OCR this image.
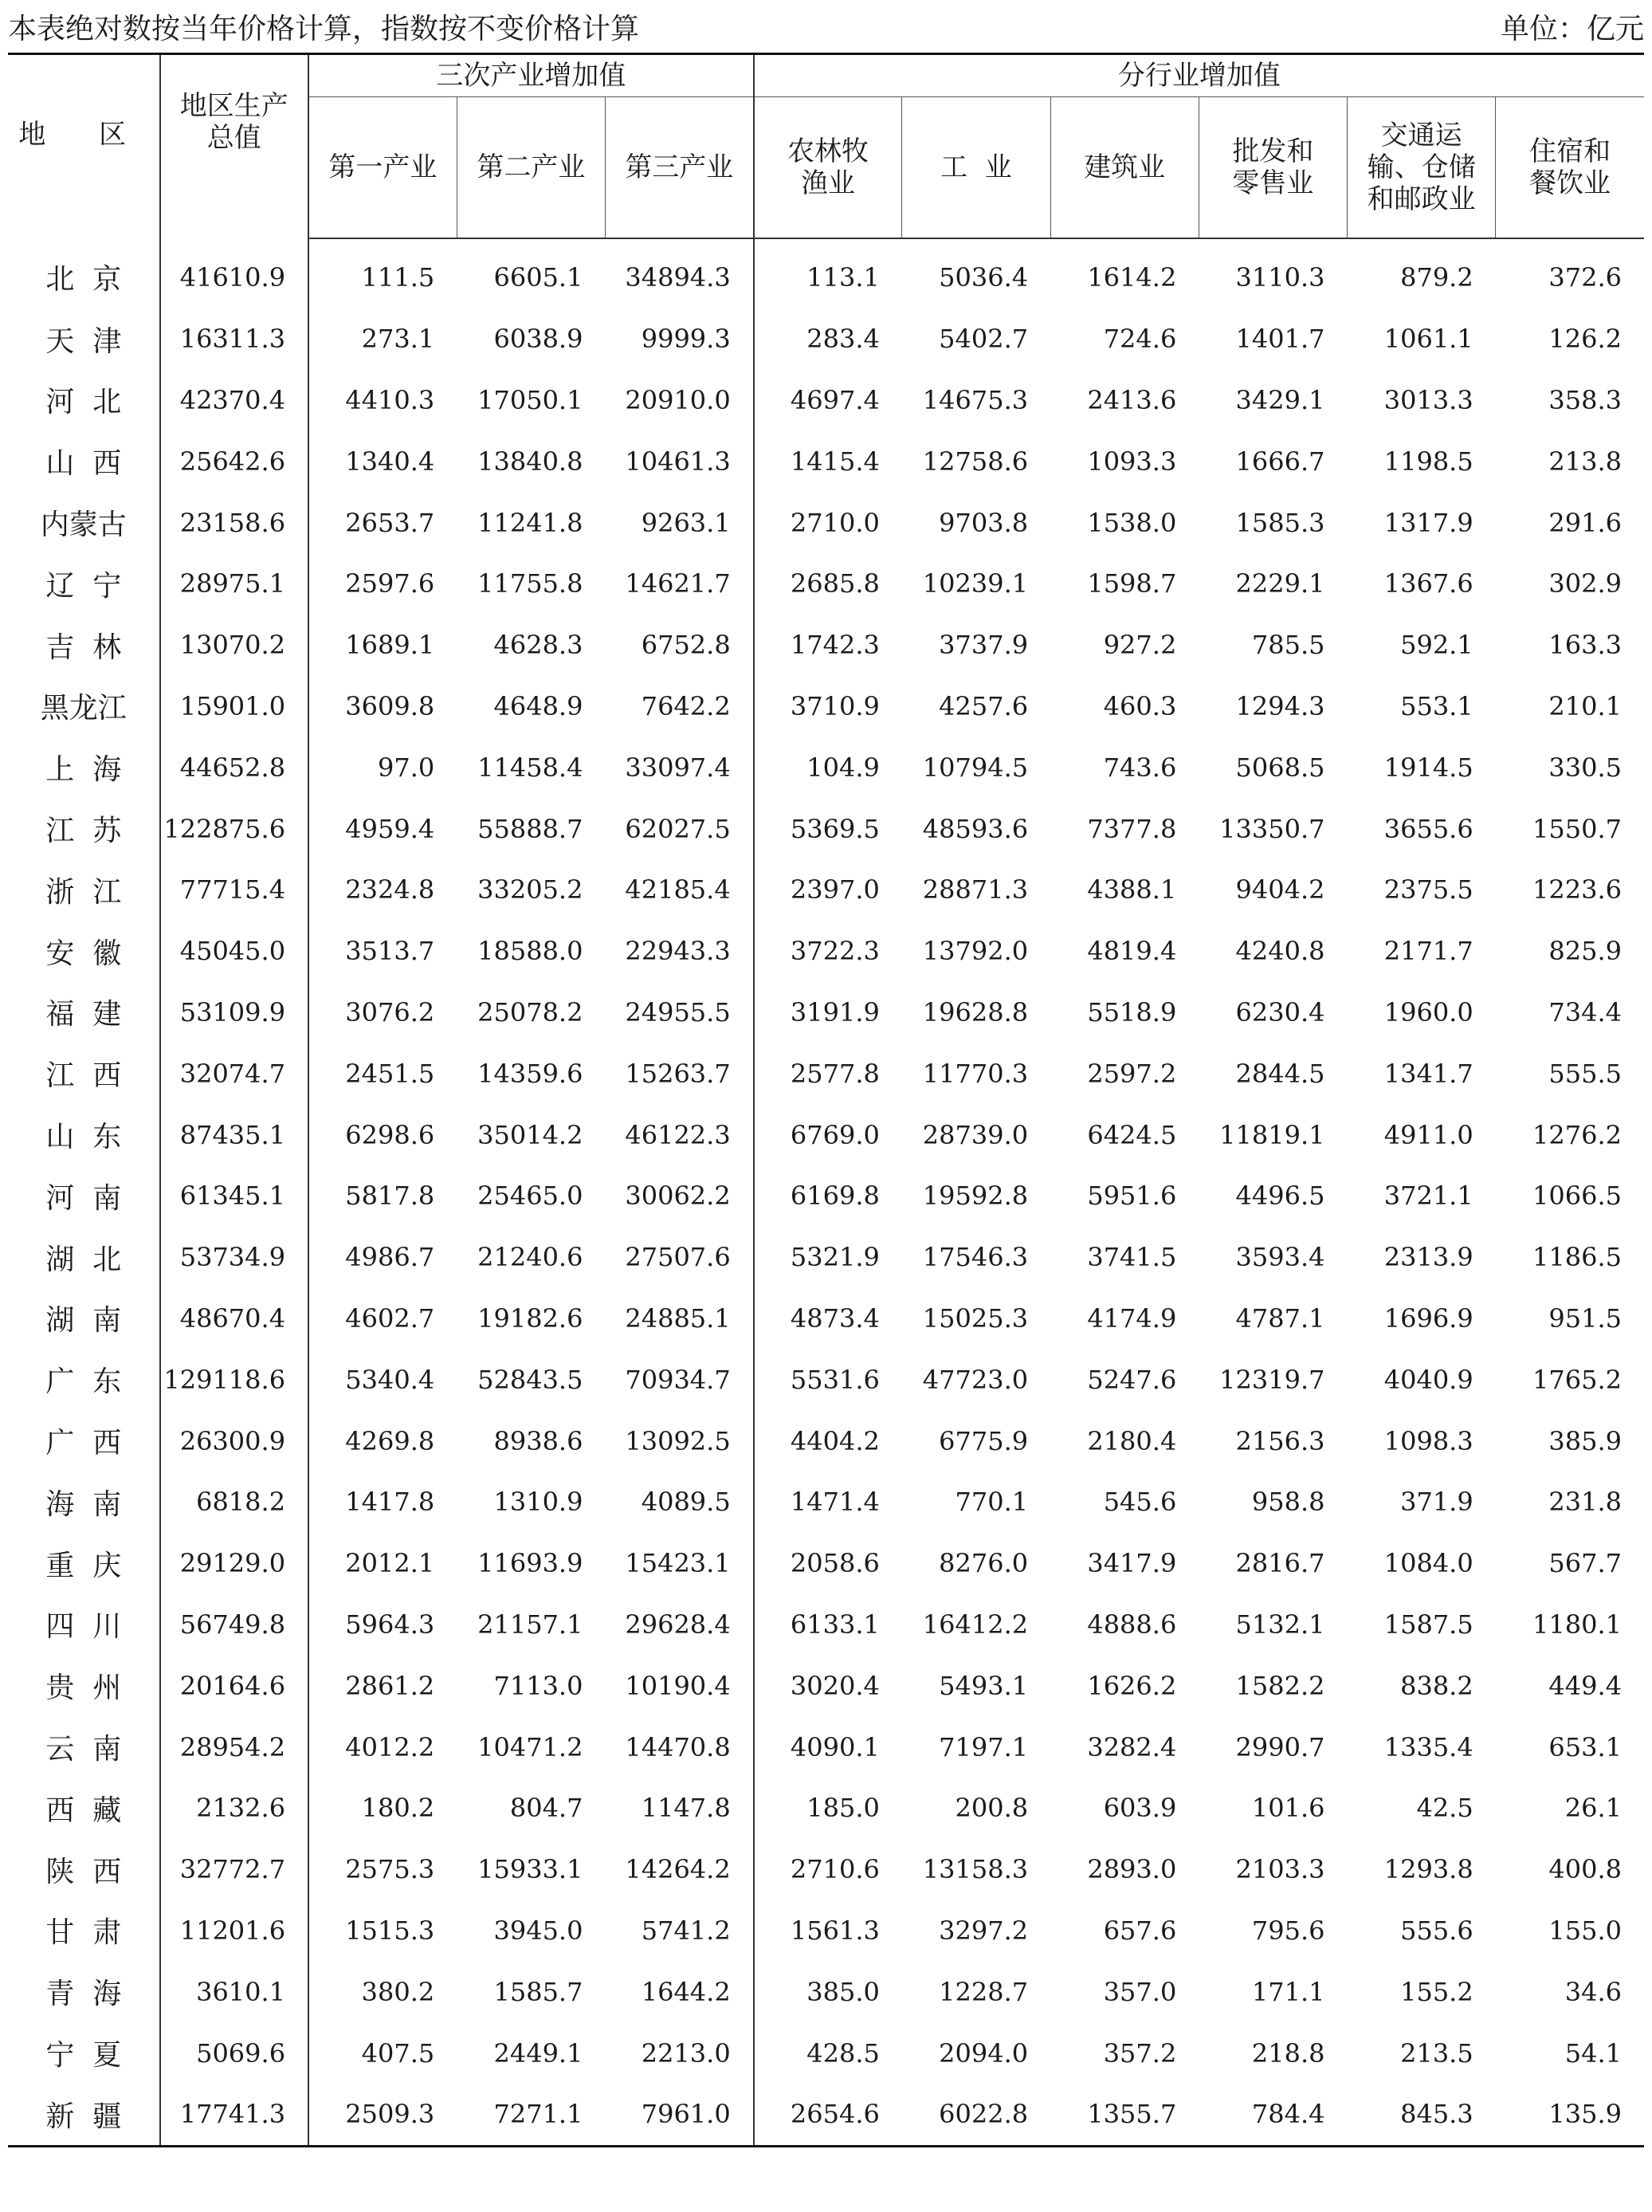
本表绝对数按当年价格计算，指数按不变价格计算	单位：亿元
地 区	地区生产总值	三次产业增加值			分行业增加值					
		第一产业	第二产业	第三产业	农林牧渔业	工  业	建筑业	批发和零售业	交通运输、仓储和邮政业	住宿和餐饮业
北  京	41610.9	111.5	6605.1	34894.3	113.1	5036.4	1614.2	3110.3	879.2	372.6
天  津	16311.3	273.1	6038.9	9999.3	283.4	5402.7	724.6	1401.7	1061.1	126.2
河  北	42370.4	4410.3	17050.1	20910.0	4697.4	14675.3	2413.6	3429.1	3013.3	358.3
山  西	25642.6	1340.4	13840.8	10461.3	1415.4	12758.6	1093.3	1666.7	1198.5	213.8
内蒙古	23158.6	2653.7	11241.8	9263.1	2710.0	9703.8	1538.0	1585.3	1317.9	291.6
辽  宁	28975.1	2597.6	11755.8	14621.7	2685.8	10239.1	1598.7	2229.1	1367.6	302.9
吉  林	13070.2	1689.1	4628.3	6752.8	1742.3	3737.9	927.2	785.5	592.1	163.3
黑龙江	15901.0	3609.8	4648.9	7642.2	3710.9	4257.6	460.3	1294.3	553.1	210.1
上  海	44652.8	97.0	11458.4	33097.4	104.9	10794.5	743.6	5068.5	1914.5	330.5
江  苏	122875.6	4959.4	55888.7	62027.5	5369.5	48593.6	7377.8	13350.7	3655.6	1550.7
浙  江	77715.4	2324.8	33205.2	42185.4	2397.0	28871.3	4388.1	9404.2	2375.5	1223.6
安  徽	45045.0	3513.7	18588.0	22943.3	3722.3	13792.0	4819.4	4240.8	2171.7	825.9
福  建	53109.9	3076.2	25078.2	24955.5	3191.9	19628.8	5518.9	6230.4	1960.0	734.4
江  西	32074.7	2451.5	14359.6	15263.7	2577.8	11770.3	2597.2	2844.5	1341.7	555.5
山  东	87435.1	6298.6	35014.2	46122.3	6769.0	28739.0	6424.5	11819.1	4911.0	1276.2
河  南	61345.1	5817.8	25465.0	30062.2	6169.8	19592.8	5951.6	4496.5	3721.1	1066.5
湖  北	53734.9	4986.7	21240.6	27507.6	5321.9	17546.3	3741.5	3593.4	2313.9	1186.5
湖  南	48670.4	4602.7	19182.6	24885.1	4873.4	15025.3	4174.9	4787.1	1696.9	951.5
广  东	129118.6	5340.4	52843.5	70934.7	5531.6	47723.0	5247.6	12319.7	4040.9	1765.2
广  西	26300.9	4269.8	8938.6	13092.5	4404.2	6775.9	2180.4	2156.3	1098.3	385.9
海  南	6818.2	1417.8	1310.9	4089.5	1471.4	770.1	545.6	958.8	371.9	231.8
重  庆	29129.0	2012.1	11693.9	15423.1	2058.6	8276.0	3417.9	2816.7	1084.0	567.7
四  川	56749.8	5964.3	21157.1	29628.4	6133.1	16412.2	4888.6	5132.1	1587.5	1180.1
贵  州	20164.6	2861.2	7113.0	10190.4	3020.4	5493.1	1626.2	1582.2	838.2	449.4
云  南	28954.2	4012.2	10471.2	14470.8	4090.1	7197.1	3282.4	2990.7	1335.4	653.1
西  藏	2132.6	180.2	804.7	1147.8	185.0	200.8	603.9	101.6	42.5	26.1
陕  西	32772.7	2575.3	15933.1	14264.2	2710.6	13158.3	2893.0	2103.3	1293.8	400.8
甘  肃	11201.6	1515.3	3945.0	5741.2	1561.3	3297.2	657.6	795.6	555.6	155.0
青  海	3610.1	380.2	1585.7	1644.2	385.0	1228.7	357.0	171.1	155.2	34.6
宁  夏	5069.6	407.5	2449.1	2213.0	428.5	2094.0	357.2	218.8	213.5	54.1
新  疆	17741.3	2509.3	7271.1	7961.0	2654.6	6022.8	1355.7	784.4	845.3	135.9
